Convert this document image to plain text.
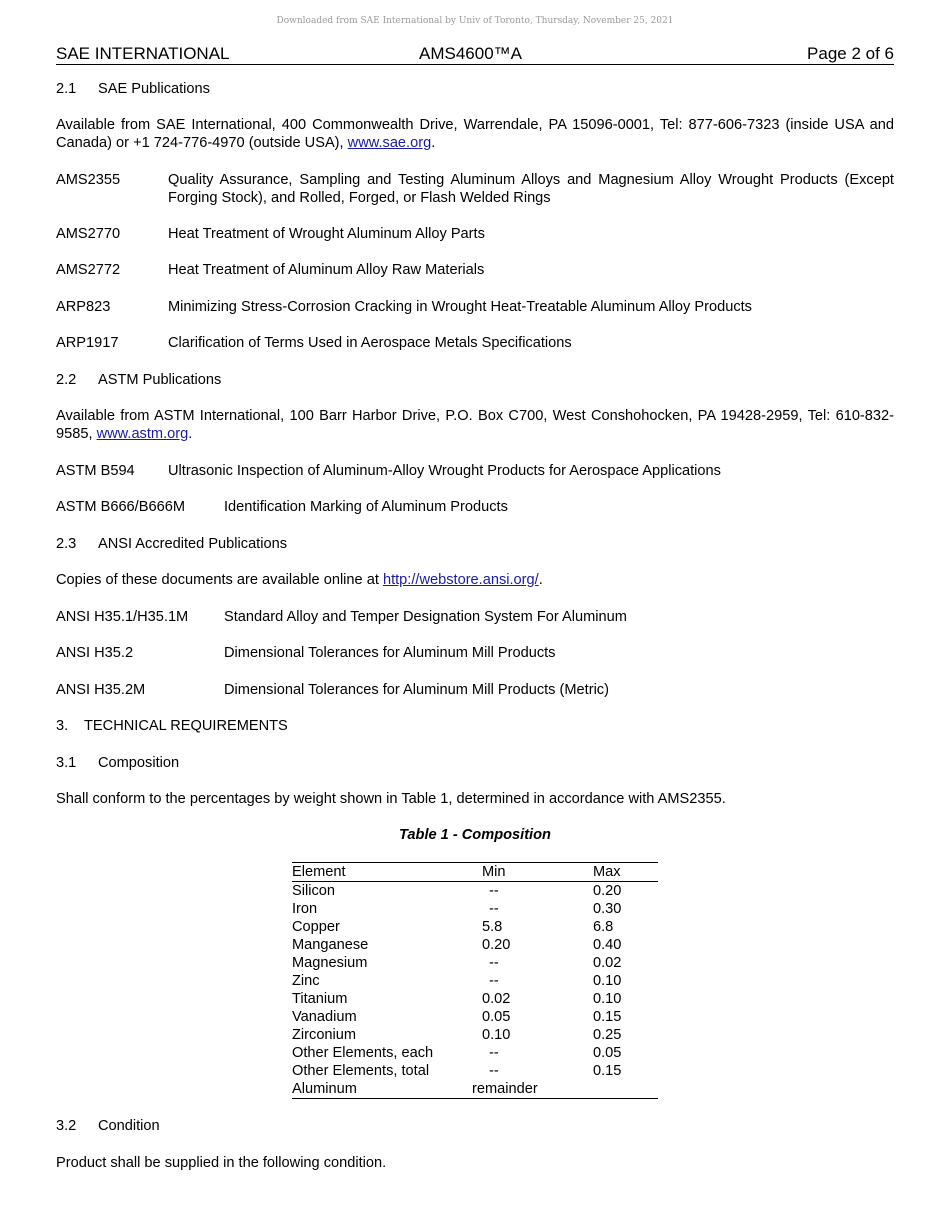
Downloaded from SAE International by Univ of Toronto, Thursday, November 25, 2021
SAE INTERNATIONAL	AMS4600™A	Page 2 of 6
2.1 SAE Publications
Available from SAE International, 400 Commonwealth Drive, Warrendale, PA 15096-0001, Tel: 877-606-7323 (inside USA and Canada) or +1 724-776-4970 (outside USA), www.sae.org.
AMS2355	Quality Assurance, Sampling and Testing Aluminum Alloys and Magnesium Alloy Wrought Products (Except Forging Stock), and Rolled, Forged, or Flash Welded Rings
AMS2770	Heat Treatment of Wrought Aluminum Alloy Parts
AMS2772	Heat Treatment of Aluminum Alloy Raw Materials
ARP823	Minimizing Stress-Corrosion Cracking in Wrought Heat-Treatable Aluminum Alloy Products
ARP1917	Clarification of Terms Used in Aerospace Metals Specifications
2.2 ASTM Publications
Available from ASTM International, 100 Barr Harbor Drive, P.O. Box C700, West Conshohocken, PA 19428-2959, Tel: 610-832-9585, www.astm.org.
ASTM B594 Ultrasonic Inspection of Aluminum-Alloy Wrought Products for Aerospace Applications
ASTM B666/B666M	Identification Marking of Aluminum Products
2.3 ANSI Accredited Publications
Copies of these documents are available online at http://webstore.ansi.org/.
ANSI H35.1/H35.1M Standard Alloy and Temper Designation System For Aluminum
ANSI H35.2	Dimensional Tolerances for Aluminum Mill Products
ANSI H35.2M	Dimensional Tolerances for Aluminum Mill Products (Metric)
3. TECHNICAL REQUIREMENTS
3.1 Composition
Shall conform to the percentages by weight shown in Table 1, determined in accordance with AMS2355.
Table 1 - Composition
Element	Min	Max
Silicon	--	0.20
Iron	--	0.30
Copper	5.8	6.8
Manganese	0.20	0.40
Magnesium	--	0.02
Zinc	--	0.10
Titanium	0.02	0.10
Vanadium	0.05	0.15
Zirconium	0.10	0.25
Other Elements, each	--	0.05
Other Elements, total	--	0.15
Aluminum	remainder	
3.2 Condition
Product shall be supplied in the following condition.
